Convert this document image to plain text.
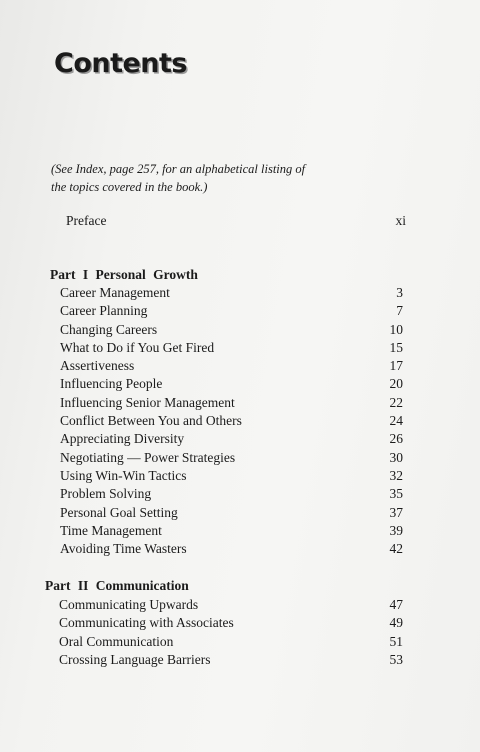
Contents
(See Index, page 257, for an alphabetical listing of the topics covered in the book.)
Preface	xi
Part I Personal Growth
Career Management	3
Career Planning	7
Changing Careers	10
What to Do if You Get Fired	15
Assertiveness	17
Influencing People	20
Influencing Senior Management	22
Conflict Between You and Others	24
Appreciating Diversity	26
Negotiating — Power Strategies	30
Using Win-Win Tactics	32
Problem Solving	35
Personal Goal Setting	37
Time Management	39
Avoiding Time Wasters	42
Part II Communication
Communicating Upwards	47
Communicating with Associates	49
Oral Communication	51
Crossing Language Barriers	53
